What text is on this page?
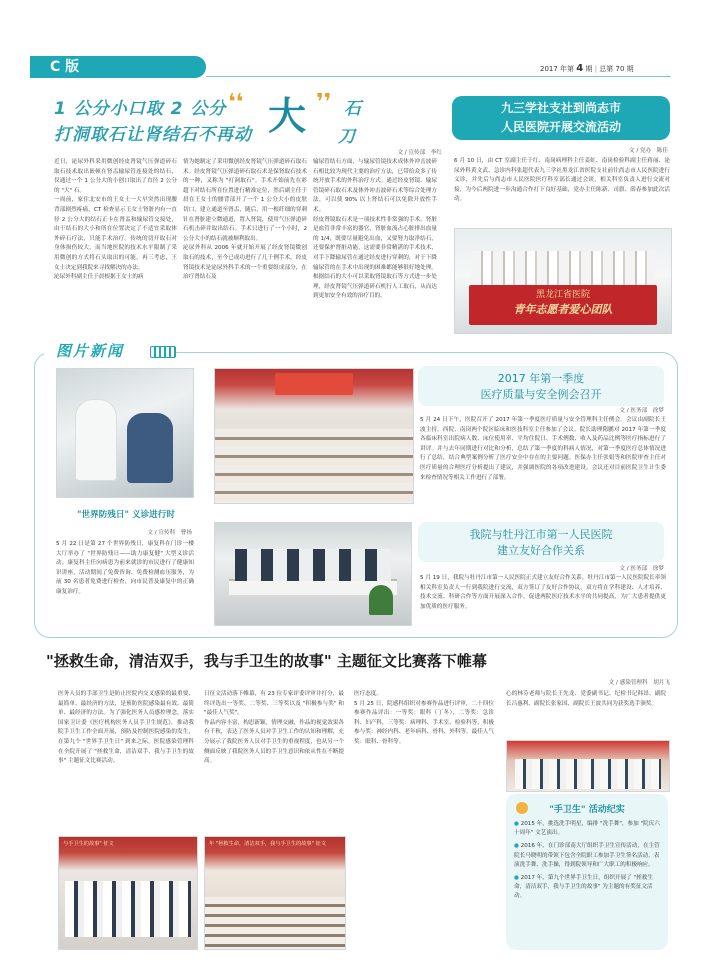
C 版	2017 年第 4 期 | 总第 70 期
1 公分小口取 2 公分 ❛❛ 大 ❜❜ 石
打洞取石让肾结石不再动	刀
文 / 宣传部　李红
近日，泌尿外科采用微创经皮肾镜气压弹道碎石取石技术取出嵌顿在肾盂输尿管连接处的结石，仅通过一个 1 公分大的小创口取出了直径 2 公分的 "大" 石。
一周前，家住北安市的王女士一大早突然出现腰背部剧烈疼痛，CT 检查显示王女士肾脏内有一直径 2 公分大的结石正卡在肾盂和输尿管交接处，由于结石的大小和所在位置决定了不适宜采取体外碎石疗法，只能手术治疗。传统的切开取石对身体损伤较大，而当地医院的技术水平限制了采用微创的方式将石头取出的可能，再三考虑，王女士决定到我院来寻找解决的办法。
泌尿外科副主任于晨根据王女士的病
情为她制定了采用微创经皮肾镜气压弹道碎石取石术。经皮肾镜气压弹道碎石取石术是保肾取石技术的一种，又称为 "打洞取石"。手术开始前先在彩超下对结石所在位置进行精准定位，然后副主任于晨在王女士的腰背部开了一个 1 公分大小的皮肤切口，建立通道至肾盂，随后，用一根纤细的穿刺针在肾脏建立微通道，置入肾镜，使用气压弹道碎石机击碎并取出结石。手术只进行了一个小时，2 公分大小的结石就被顺利取出。
泌尿外科从 2006 年就开始开展了经皮肾镜微创取石的技术，至今已成功进行了几千例手术。经皮肾镜技术是泌尿外科手术的一个重要组成部分，在治疗肾结石及
输尿管结石方面，与输尿管镜技术成体外冲击波碎石相比较为现代主要的治疗方法，已带给众多了传统开放手术的外科治疗方式。通过经皮肾镜、输尿管镜碎石取石术及体外冲击波碎石术等综合处理方法，可以使 90% 以上肾结石可以免除开放性手术。
经皮肾镜取石术是一项技术性非常强的手术，肾脏是血管非常丰富的器官，肾脏血流占心脏排出血量的 1/4，既要尽量避免出血，又要努力取净结石，还要保护肾脏功能，这需要非常精湛的手术技术，对手下降输尿管在通过经皮进行穿刺的，对于下降输尿管的在手术中出现的困难都能够很好地处理。根据结石的大小可以采取肾镜取石等方式进一步处理，经皮肾镜气压弹道碎石机行人工取石，从而达到更加安全有效的治疗目的。
九三学社支社到尚志市
人民医院开展交流活动
文 / 党办　陈佳
6 月 10 日，由 CT 室副主任于红、南岗病理科主任姜虹、南岗检验科副主任蒋丽、泌尿外科黄文武、急诊内科张超代表九三学社黑龙江省医院支社前往尚志市人民医院进行义诊，并先后与尚志市人民医院医疗科室部长通过会谈，相关科室负责人进行交流对接，为今后两院进一步沟通合作打下良好基础，党办主任陈新、司旗、薛春参加此次活动。
黑龙江省医院
青年志愿者爱心团队
图片新闻
"世界防残日" 义诊进行时
文 / 宣传科　曹扬
5 月 22 日是第 27 个世界防残日，康复科在门诊一楼大厅举办了 "世界防残日——助力康复健" 大型义诊活动。康复科主任向病患为前来就诊的市民进行了健康知识讲座，活动期间了免费咨询、免费检测血压服务，为前 30 名患者免费进行检查，向市民普及康复中的正确康复治疗。
2017 年第一季度
医疗质量与安全例会召开
文 / 医务部　徐梦
5 月 24 日下午，医院召开了 2017 年第一季度医疗质量与安全管理科主任例会。会议由副院长王波主持，西院、南岗两个院区临床和医技科室主任参加了会议。院长助理隋鹏对 2017 年第一季度各临床科室出院病人数、床位使用率、平均住院日、手术例数、收入及药品比例等医疗指标进行了讲评。并与去年同期进行对比和分析，总结了第一季度的科病人情况，对第一季度医疗总体情况进行了总结，结合典型案例分析了医疗安全中存在的主要问题。医保办主任张娟等和医院审查主任对医疗质量的合理医疗分析提出了建议，并强调医院的各项改进建设。会议还对目前医院卫生计生委来检查情况等相关工作进行了部署。
我院与牡丹江市第一人民医院
建立友好合作关系
文 / 医务部　徐梦
5 月 19 日，我院与牡丹江市第一人民医院正式建立友好合作关系。牡丹江市第一人民医院院长率领相关科室负责人一行到我院进行交流，双方签订了友好合作协议。双方将在学科建设、人才培养、技术交流、科研合作等方面开展深入合作，促进两院医疗技术水平的共同提高，为广大患者提供更加优质的医疗服务。
"拯救生命，清洁双手，我与手卫生的故事" 主题征文比赛落下帷幕
文 / 感染管理科　胡月飞
医务人员的手部卫生是防止医院内交叉感染的最重要、最简单、最经济的方法，是预防医院感染最有效、最简单、最经济的方法。为了强化医务人员感控理念，落实国家卫计委《医疗机构医务人员手卫生规范》，推动我院手卫生工作全面开展，预防及控制医院感染的发生，在第九个 "世界手卫生日" 到来之际，医院感染管理科在全院开展了 "拯救生命，清洁双手，我与手卫生的故事" 主题征文比赛活动。
日征文活动落下帷幕，有 23 位专家评委评审并打分，最终评选出一等奖、二等奖、三等奖以及 "积极参与奖" 和 "最佳人气奖"。
作品内容丰富，构思新颖，情理交融，作品的视觉效果各有千秋，表达了医务人员对手卫生工作的认知和理解，充分展示了我院医务人员对手卫生的重视程度，也从另一个侧面反映了我院医务人员的手卫生意识和依从性在不断提高。
医疗态度。
5 月 25 日，院感科组织对参赛作品进行评审，二十四位参赛作品评出：一等奖：眼科（丁冬），二等奖：急诊科、妇产科，三等奖：病理科、手术室、检验科等，积极参与奖：神经内科、老年病科、骨科、外科等。最佳人气奖：眼科、骨科等。
心的林芬老师与院长王先龙、党委副书记、纪检书记韩昂、副院长吕惠利、副院长张家国、副院长王波共同为获奖选手颁奖。
与手卫生的故事" 征文	年 "拯救生命，清洁双手，我与手卫生的故事" 征文
"手卫生" 活动纪实
● 2015 年，挑选洗手明星，编排 "洗手舞"，参加 "院庆六十周年" 文艺演出。
● 2016 年，在门诊部南大厅组织手卫生宣传活动，在主管院长马晓明的带领下包含全院职工参加手卫生签名活动，表演洗手舞、洗手操，得到院领导和广大职工的积极响应。
● 2017 年，第九个世界手卫生日，组织开展了 "拯救生命，清洁双手，我与手卫生的故事" 为主题的有奖征文活动。
